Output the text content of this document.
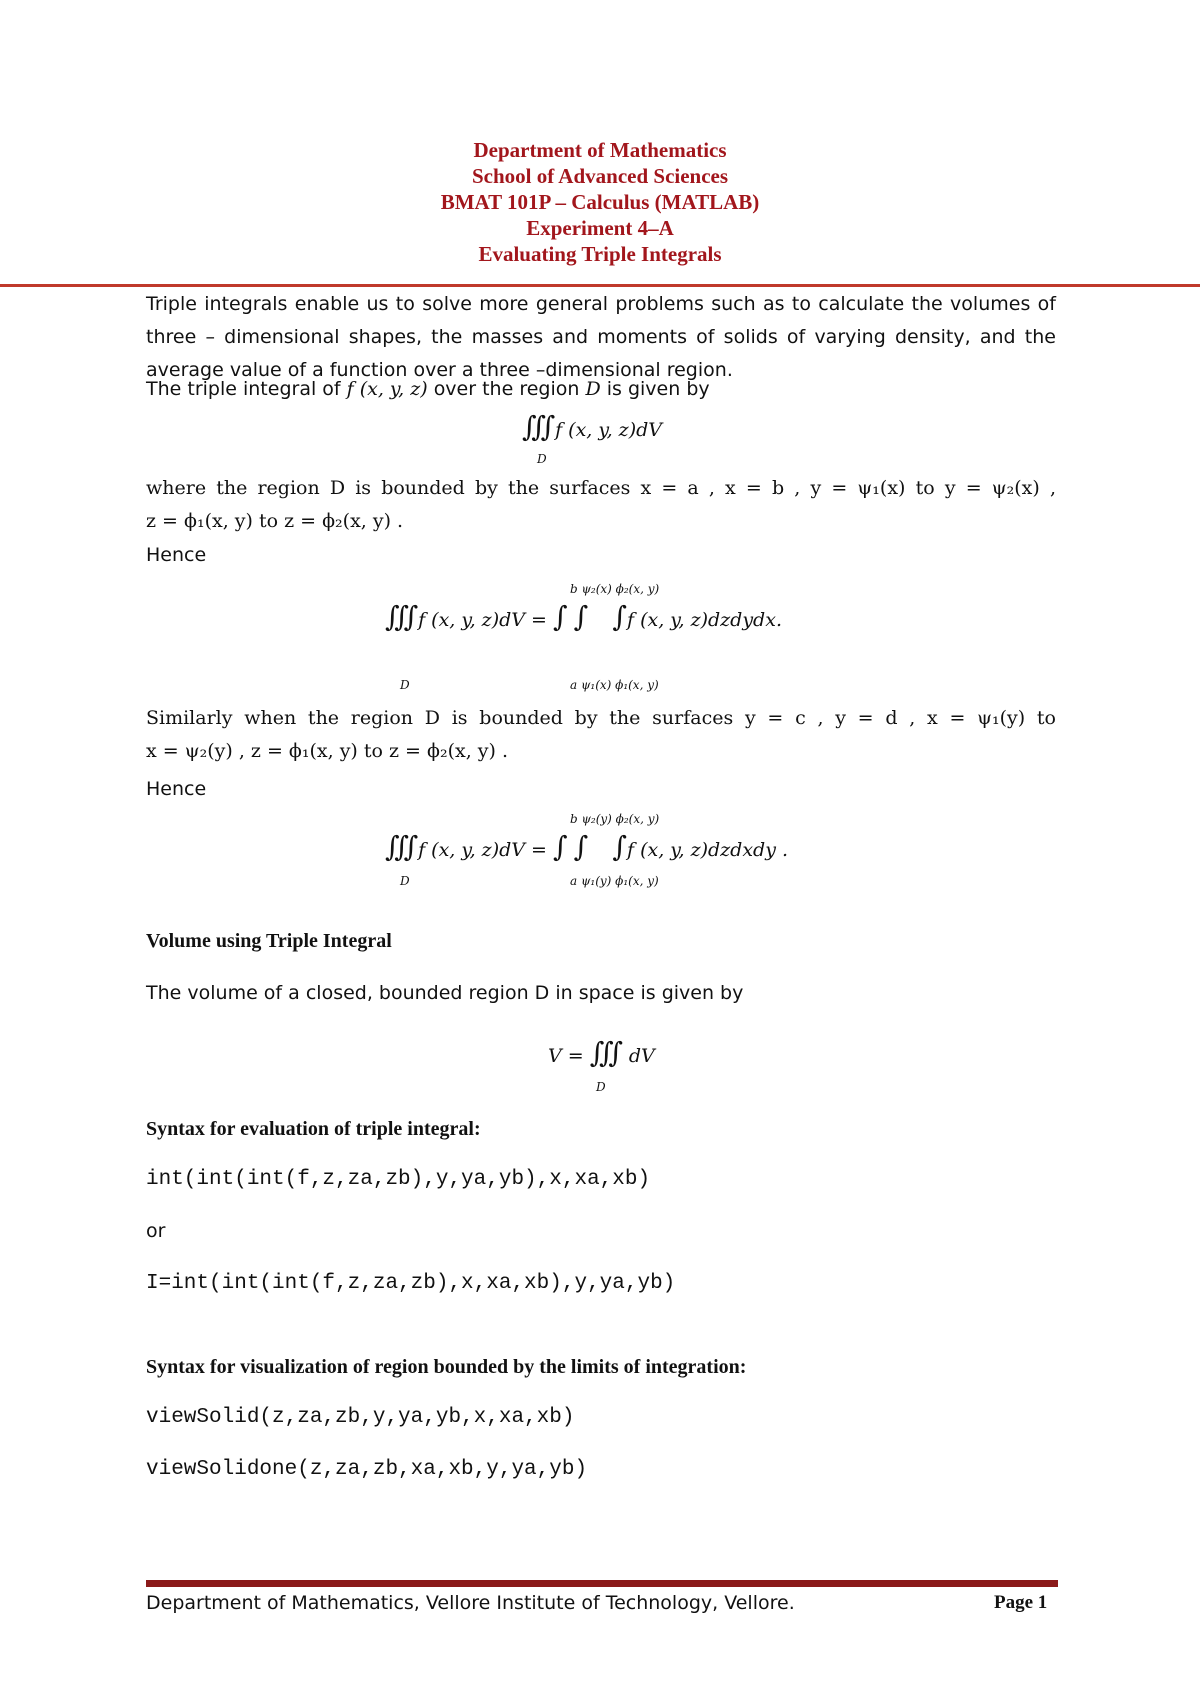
Department of Mathematics
School of Advanced Sciences
BMAT 101P – Calculus (MATLAB)
Experiment 4–A
Evaluating Triple Integrals
Triple integrals enable us to solve more general problems such as to calculate the volumes of three – dimensional shapes, the masses and moments of solids of varying density, and the average value of a function over a three –dimensional region.
The triple integral of f (x, y, z) over the region D is given by
∭f (x, y, z)dV
D
where the region D is bounded by the surfaces x = a , x = b , y = ψ₁(x) to y = ψ₂(x) ,
z = ϕ₁(x, y) to z = ϕ₂(x, y) .
Hence
b ψ₂(x) ϕ₂(x, y)
∭f (x, y, z)dV = ∫ ∫ ∫f (x, y, z)dzdydx.
D	a ψ₁(x) ϕ₁(x, y)
Similarly when the region D is bounded by the surfaces y = c , y = d , x = ψ₁(y) to
x = ψ₂(y) , z = ϕ₁(x, y) to z = ϕ₂(x, y) .
Hence
b ψ₂(y) ϕ₂(x, y)
∭f (x, y, z)dV = ∫ ∫ ∫f (x, y, z)dzdxdy .
D	a ψ₁(y) ϕ₁(x, y)
Volume using Triple Integral
The volume of a closed, bounded region D in space is given by
V = ∭ dV
D
Syntax for evaluation of triple integral:
int(int(int(f,z,za,zb),y,ya,yb),x,xa,xb)
or
I=int(int(int(f,z,za,zb),x,xa,xb),y,ya,yb)
Syntax for visualization of region bounded by the limits of integration:
viewSolid(z,za,zb,y,ya,yb,x,xa,xb)
viewSolidone(z,za,zb,xa,xb,y,ya,yb)
Department of Mathematics, Vellore Institute of Technology, Vellore.	Page 1
